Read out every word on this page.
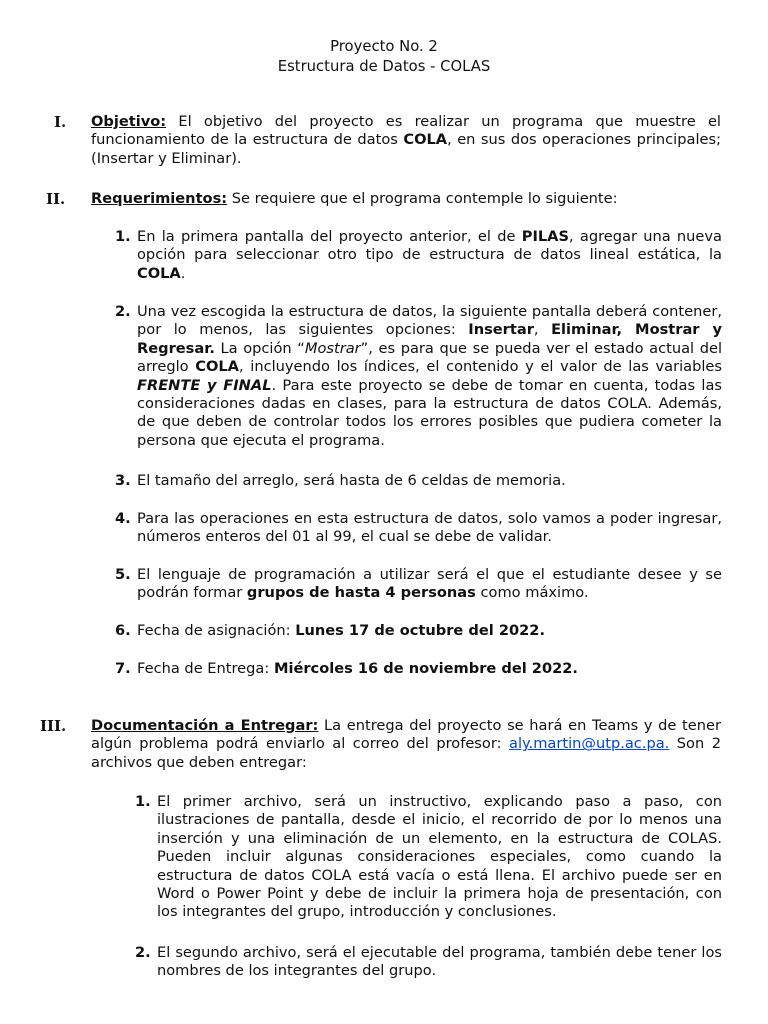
Proyecto No. 2
Estructura de Datos - COLAS
I. Objetivo: El objetivo del proyecto es realizar un programa que muestre el funcionamiento de la estructura de datos COLA, en sus dos operaciones principales; (Insertar y Eliminar).
II. Requerimientos: Se requiere que el programa contemple lo siguiente:
1. En la primera pantalla del proyecto anterior, el de PILAS, agregar una nueva opción para seleccionar otro tipo de estructura de datos lineal estática, la COLA.
2. Una vez escogida la estructura de datos, la siguiente pantalla deberá contener, por lo menos, las siguientes opciones: Insertar, Eliminar, Mostrar y Regresar. La opción “Mostrar”, es para que se pueda ver el estado actual del arreglo COLA, incluyendo los índices, el contenido y el valor de las variables FRENTE y FINAL. Para este proyecto se debe de tomar en cuenta, todas las consideraciones dadas en clases, para la estructura de datos COLA. Además, de que deben de controlar todos los errores posibles que pudiera cometer la persona que ejecuta el programa.
3. El tamaño del arreglo, será hasta de 6 celdas de memoria.
4. Para las operaciones en esta estructura de datos, solo vamos a poder ingresar, números enteros del 01 al 99, el cual se debe de validar.
5. El lenguaje de programación a utilizar será el que el estudiante desee y se podrán formar grupos de hasta 4 personas como máximo.
6. Fecha de asignación: Lunes 17 de octubre del 2022.
7. Fecha de Entrega: Miércoles 16 de noviembre del 2022.
III. Documentación a Entregar: La entrega del proyecto se hará en Teams y de tener algún problema podrá enviarlo al correo del profesor: aly.martin@utp.ac.pa. Son 2 archivos que deben entregar:
1. El primer archivo, será un instructivo, explicando paso a paso, con ilustraciones de pantalla, desde el inicio, el recorrido de por lo menos una inserción y una eliminación de un elemento, en la estructura de COLAS. Pueden incluir algunas consideraciones especiales, como cuando la estructura de datos COLA está vacía o está llena. El archivo puede ser en Word o Power Point y debe de incluir la primera hoja de presentación, con los integrantes del grupo, introducción y conclusiones.
2. El segundo archivo, será el ejecutable del programa, también debe tener los nombres de los integrantes del grupo.
